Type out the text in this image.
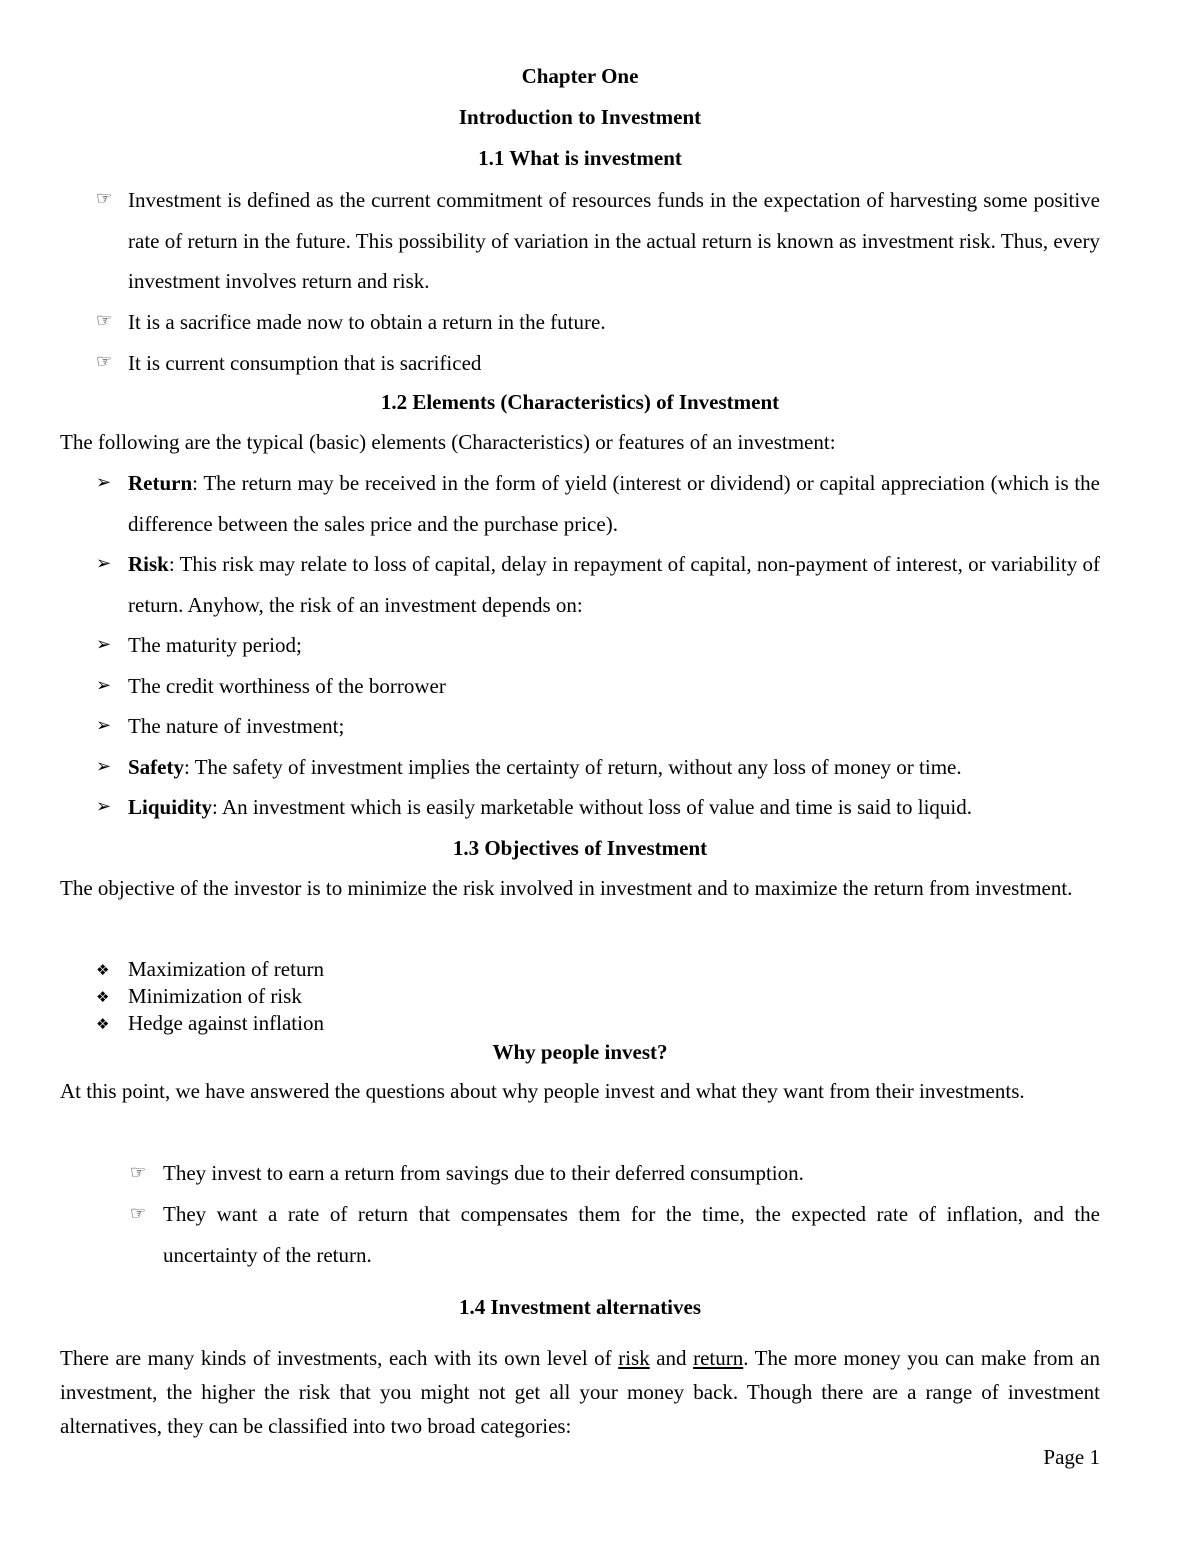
Chapter One
Introduction to Investment
1.1 What is investment
☞ Investment is defined as the current commitment of resources funds in the expectation of harvesting some positive rate of return in the future. This possibility of variation in the actual return is known as investment risk. Thus, every investment involves return and risk.
☞ It is a sacrifice made now to obtain a return in the future.
☞ It is current consumption that is sacrificed
1.2 Elements (Characteristics) of Investment
The following are the typical (basic) elements (Characteristics) or features of an investment:
➢ Return: The return may be received in the form of yield (interest or dividend) or capital appreciation (which is the difference between the sales price and the purchase price).
➢ Risk: This risk may relate to loss of capital, delay in repayment of capital, non-payment of interest, or variability of return. Anyhow, the risk of an investment depends on:
➢ The maturity period;
➢ The credit worthiness of the borrower
➢ The nature of investment;
➢ Safety: The safety of investment implies the certainty of return, without any loss of money or time.
➢ Liquidity: An investment which is easily marketable without loss of value and time is said to liquid.
1.3 Objectives of Investment
The objective of the investor is to minimize the risk involved in investment and to maximize the return from investment.
❖ Maximization of return
❖ Minimization of risk
❖ Hedge against inflation
Why people invest?
At this point, we have answered the questions about why people invest and what they want from their investments.
☞ They invest to earn a return from savings due to their deferred consumption.
☞ They want a rate of return that compensates them for the time, the expected rate of inflation, and the uncertainty of the return.
1.4 Investment alternatives
There are many kinds of investments, each with its own level of risk and return. The more money you can make from an investment, the higher the risk that you might not get all your money back. Though there are a range of investment alternatives, they can be classified into two broad categories:
Page 1
